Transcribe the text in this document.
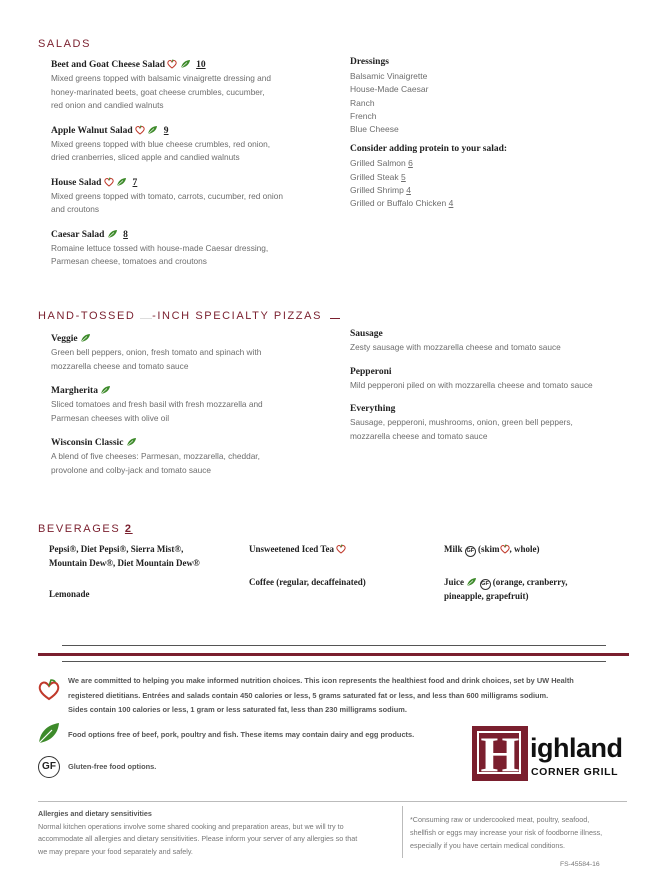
SALADS
Beet and Goat Cheese Salad	10
Mixed greens topped with balsamic vinaigrette dressing and
honey-marinated beets, goat cheese crumbles, cucumber,
red onion and candied walnuts
Apple Walnut Salad	9
Mixed greens topped with blue cheese crumbles, red onion,
dried cranberries, sliced apple and candied walnuts
House Salad	7
Mixed greens topped with tomato, carrots, cucumber, red onion
and croutons
Caesar Salad 8
Romaine lettuce tossed with house-made Caesar dressing,
Parmesan cheese, tomatoes and croutons
Dressings
Balsamic Vinaigrette
House-Made Caesar
Ranch
French
Blue Cheese
Consider adding protein to your salad:
Grilled Salmon 6
Grilled Steak 5
Grilled Shrimp 4
Grilled or Buffalo Chicken 4
HAND-TOSSED -INCH SPECIALTY PIZZAS
Veggie
Green bell peppers, onion, fresh tomato and spinach with
mozzarella cheese and tomato sauce
Margherita
Sliced tomatoes and fresh basil with fresh mozzarella and
Parmesan cheeses with olive oil
Wisconsin Classic
A blend of five cheeses: Parmesan, mozzarella, cheddar,
provolone and colby-jack and tomato sauce
Sausage
Zesty sausage with mozzarella cheese and tomato sauce
Pepperoni
Mild pepperoni piled on with mozzarella cheese and tomato sauce
Everything
Sausage, pepperoni, mushrooms, onion, green bell peppers,
mozzarella cheese and tomato sauce
BEVERAGES 2
Pepsi®, Diet Pepsi®, Sierra Mist®,
Mountain Dew®, Diet Mountain Dew®
Lemonade
Unsweetened Iced Tea
Coffee (regular, decaffeinated)
Milk GF (skim , whole)
Juice	GF (orange, cranberry,
pineapple, grapefruit)
We are committed to helping you make informed nutrition choices. This icon represents the healthiest food and drink choices, set by UW Health
registered dietitians. Entrées and salads contain 450 calories or less, 5 grams saturated fat or less, and less than 600 milligrams sodium.
Sides contain 100 calories or less, 1 gram or less saturated fat, less than 230 milligrams sodium.
Food options free of beef, pork, poultry and fish. These items may contain dairy and egg products.
GF	Gluten-free food options.	H ighland
CORNER GRILL
Allergies and dietary sensitivities
Normal kitchen operations involve some shared cooking and preparation areas, but we will try to
accommodate all allergies and dietary sensitivities. Please inform your server of any allergies so that
we may prepare your food separately and safely.
*Consuming raw or undercooked meat, poultry, seafood,
shellfish or eggs may increase your risk of foodborne illness,
especially if you have certain medical conditions.
FS-45584-16
